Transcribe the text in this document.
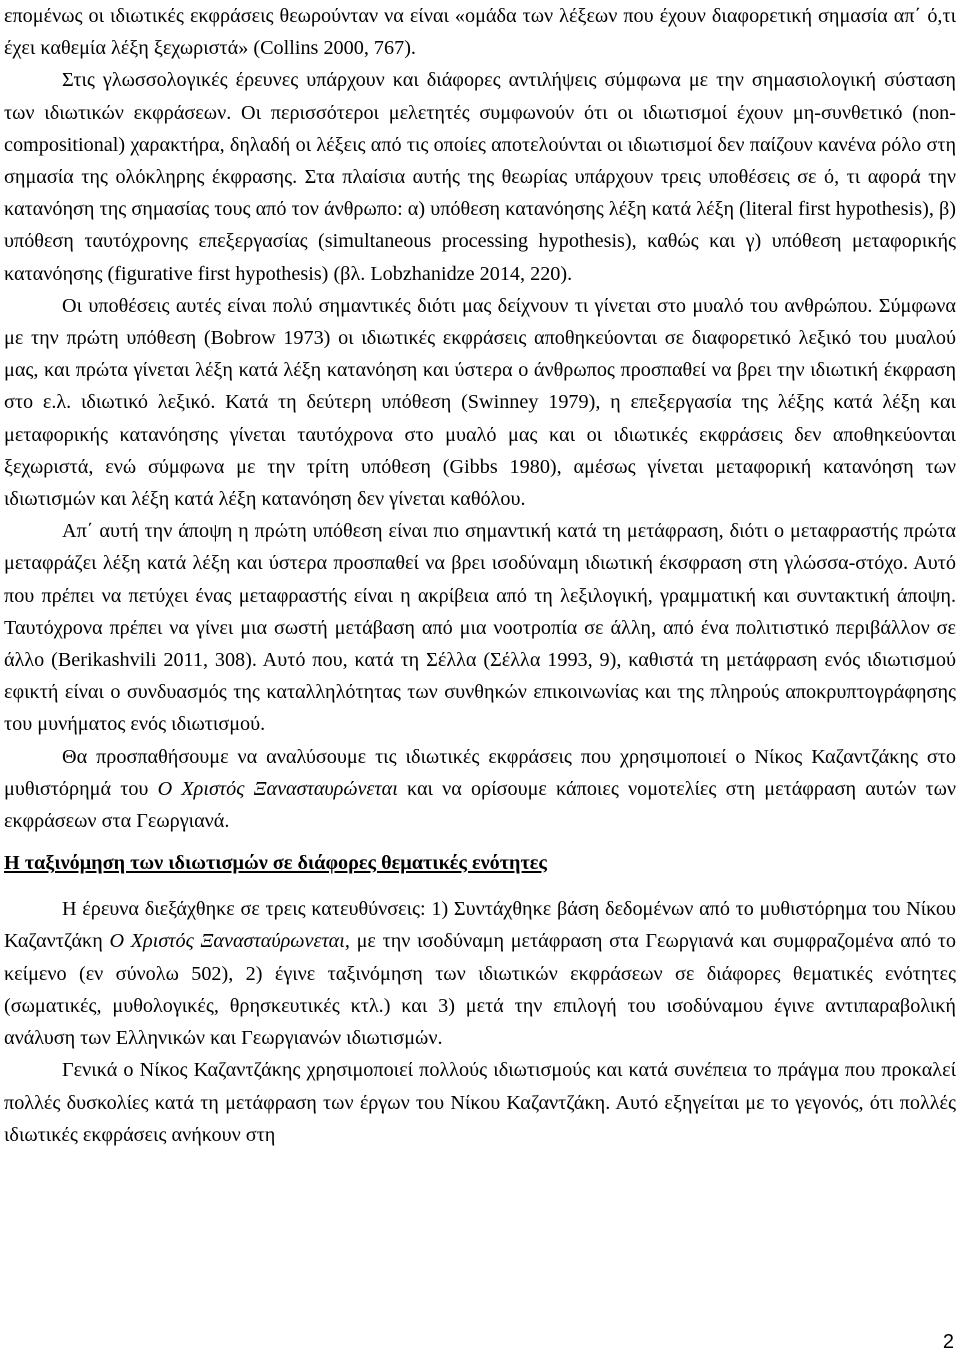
επομένως οι ιδιωτικές εκφράσεις θεωρούνταν να είναι «ομάδα των λέξεων που έχουν διαφορετική σημασία απ΄ ό,τι έχει καθεμία λέξη ξεχωριστά» (Collins 2000, 767).

Στις γλωσσολογικές έρευνες υπάρχουν και διάφορες αντιλήψεις σύμφωνα με την σημασιολογική σύσταση των ιδιωτικών εκφράσεων. Οι περισσότεροι μελετητές συμφωνούν ότι οι ιδιωτισμοί έχουν μη-συνθετικό (non-compositional) χαρακτήρα, δηλαδή οι λέξεις από τις οποίες αποτελούνται οι ιδιωτισμοί δεν παίζουν κανένα ρόλο στη σημασία της ολόκληρης έκφρασης. Στα πλαίσια αυτής της θεωρίας υπάρχουν τρεις υποθέσεις σε ό, τι αφορά την κατανόηση της σημασίας τους από τον άνθρωπο: α) υπόθεση κατανόησης λέξη κατά λέξη (literal first hypothesis), β) υπόθεση ταυτόχρονης επεξεργασίας (simultaneous processing hypothesis), καθώς και γ) υπόθεση μεταφορικής κατανόησης (figurative first hypothesis) (βλ. Lobzhanidze 2014, 220).

Οι υποθέσεις αυτές είναι πολύ σημαντικές διότι μας δείχνουν τι γίνεται στο μυαλό του ανθρώπου. Σύμφωνα με την πρώτη υπόθεση (Bobrow 1973) οι ιδιωτικές εκφράσεις αποθηκεύονται σε διαφορετικό λεξικό του μυαλού μας, και πρώτα γίνεται λέξη κατά λέξη κατανόηση και ύστερα ο άνθρωπος προσπαθεί να βρει την ιδιωτική έκφραση στο ε.λ. ιδιωτικό λεξικό. Κατά τη δεύτερη υπόθεση (Swinney 1979), η επεξεργασία της λέξης κατά λέξη και μεταφορικής κατανόησης γίνεται ταυτόχρονα στο μυαλό μας και οι ιδιωτικές εκφράσεις δεν αποθηκεύονται ξεχωριστά, ενώ σύμφωνα με την τρίτη υπόθεση (Gibbs 1980), αμέσως γίνεται μεταφορική κατανόηση των ιδιωτισμών και λέξη κατά λέξη κατανόηση δεν γίνεται καθόλου.

Απ΄ αυτή την άποψη η πρώτη υπόθεση είναι πιο σημαντική κατά τη μετάφραση, διότι ο μεταφραστής πρώτα μεταφράζει λέξη κατά λέξη και ύστερα προσπαθεί να βρει ισοδύναμη ιδιωτική έκσφραση στη γλώσσα-στόχο. Αυτό που πρέπει να πετύχει ένας μεταφραστής είναι η ακρίβεια από τη λεξιλογική, γραμματική και συντακτική άποψη. Ταυτόχρονα πρέπει να γίνει μια σωστή μετάβαση από μια νοοτροπία σε άλλη, από ένα πολιτιστικό περιβάλλον σε άλλο (Berikashvili 2011, 308). Αυτό που, κατά τη Σέλλα (Σέλλα 1993, 9), καθιστά τη μετάφραση ενός ιδιωτισμού εφικτή είναι ο συνδυασμός της καταλληλότητας των συνθηκών επικοινωνίας και της πληρούς αποκρυπτογράφησης του μυνήματος ενός ιδιωτισμού.

Θα προσπαθήσουμε να αναλύσουμε τις ιδιωτικές εκφράσεις που χρησιμοποιεί ο Νίκος Καζαντζάκης στο μυθιστόρημά του Ο Χριστός Ξανασταυρώνεται και να ορίσουμε κάποιες νομοτελίες στη μετάφραση αυτών των εκφράσεων στα Γεωργιανά.

Η ταξινόμηση των ιδιωτισμών σε διάφορες θεματικές ενότητες

Η έρευνα διεξάχθηκε σε τρεις κατευθύνσεις: 1) Συντάχθηκε βάση δεδομένων από το μυθιστόρημα του Νίκου Καζαντζάκη Ο Χριστός Ξανασταύρωνεται, με την ισοδύναμη μετάφραση στα Γεωργιανά και συμφραζομένα από το κείμενο (εν σύνολω 502), 2) έγινε ταξινόμηση των ιδιωτικών εκφράσεων σε διάφορες θεματικές ενότητες (σωματικές, μυθολογικές, θρησκευτικές κτλ.) και 3) μετά την επιλογή του ισοδύναμου έγινε αντιπαραβολική ανάλυση των Ελληνικών και Γεωργιανών ιδιωτισμών.

Γενικά ο Νίκος Καζαντζάκης χρησιμοποιεί πολλούς ιδιωτισμούς και κατά συνέπεια το πράγμα που προκαλεί πολλές δυσκολίες κατά τη μετάφραση των έργων του Νίκου Καζαντζάκη. Αυτό εξηγείται με το γεγονός, ότι πολλές ιδιωτικές εκφράσεις ανήκουν στη

2
